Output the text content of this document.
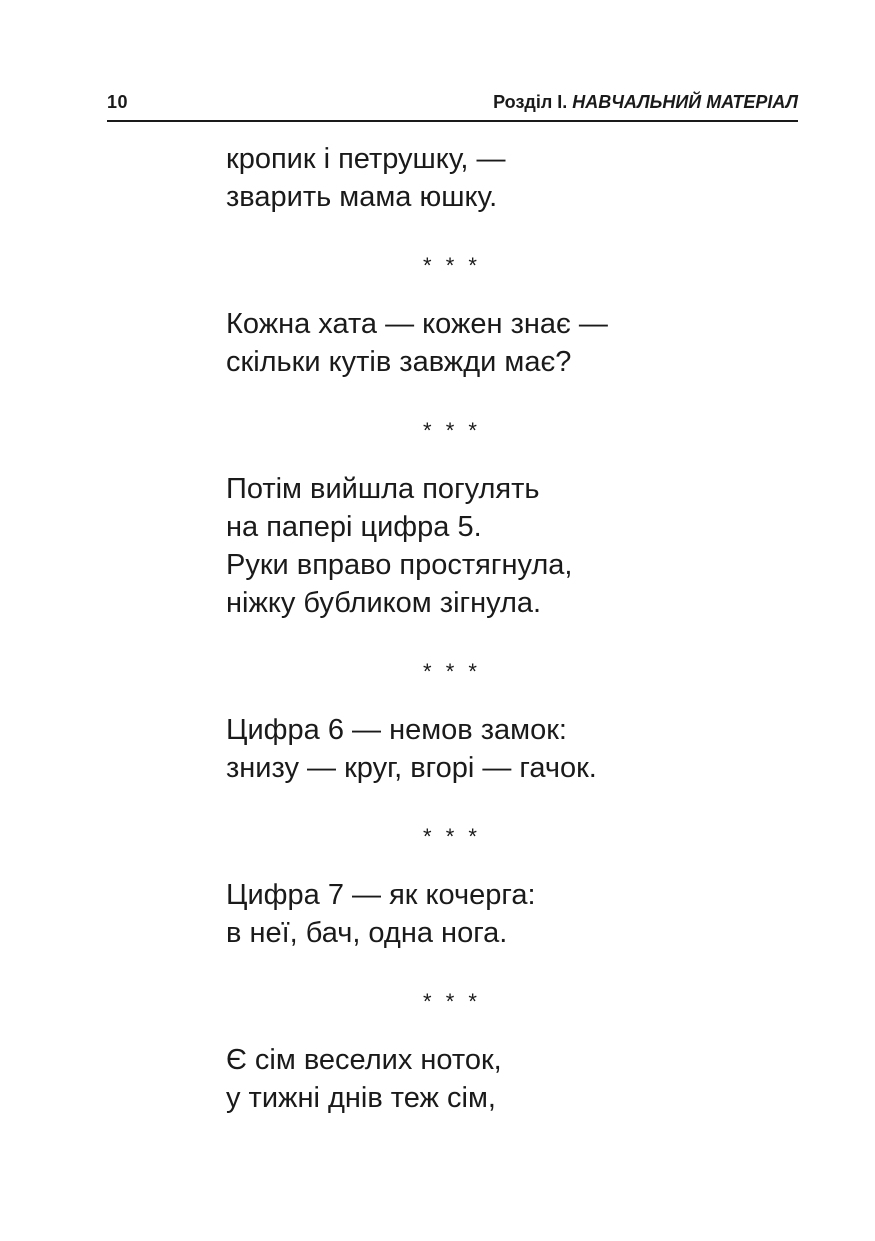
10	Розділ І. НАВЧАЛЬНИЙ МАТЕРІАЛ
кропик і петрушку, —
зварить мама юшку.
* * *
Кожна хата — кожен знає —
скільки кутів завжди має?
* * *
Потім вийшла погулять
на папері цифра 5.
Руки вправо простягнула,
ніжку бубликом зігнула.
* * *
Цифра 6 — немов замок:
знизу — круг, вгорі — гачок.
* * *
Цифра 7 — як кочерга:
в неї, бач, одна нога.
* * *
Є сім веселих ноток,
у тижні днів теж сім,
